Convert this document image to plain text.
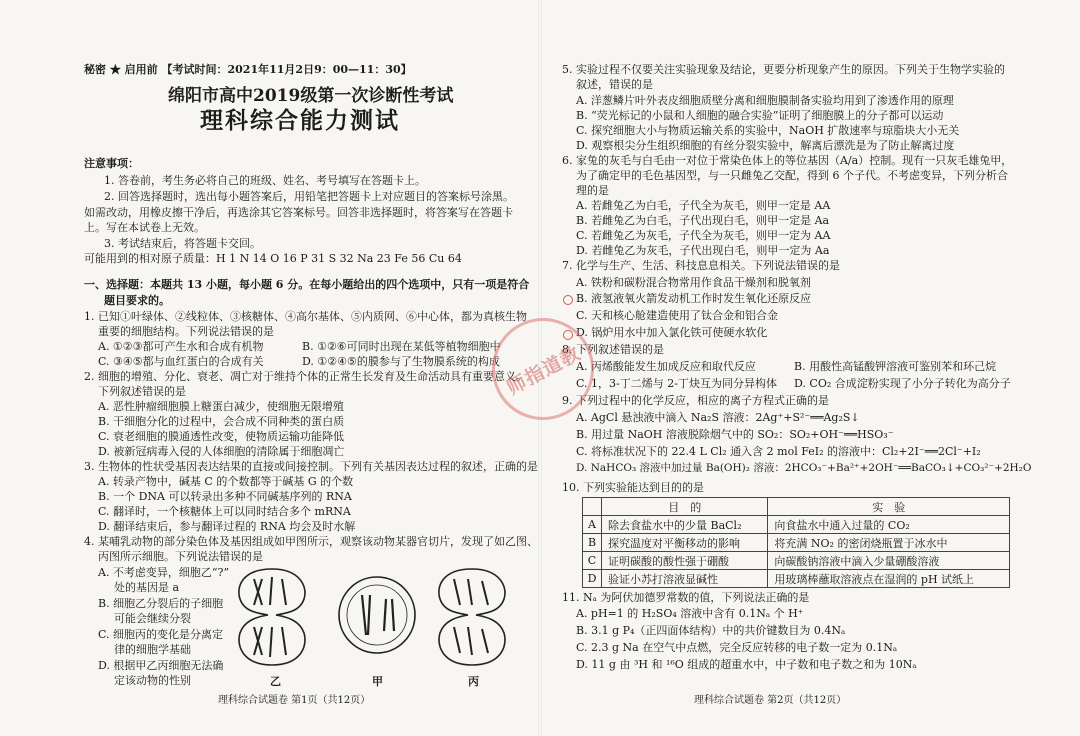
秘密 ★ 启用前 【考试时间：2021年11月2日9：00—11：30】
绵阳市高中2019级第一次诊断性考试
理科综合能力测试
注意事项：
1. 答卷前，考生务必将自己的班级、姓名、考号填写在答题卡上。
2. 回答选择题时，选出每小题答案后，用铅笔把答题卡上对应题目的答案标号涂黑。
如需改动，用橡皮擦干净后，再选涂其它答案标号。回答非选择题时，将答案写在答题卡
上。写在本试卷上无效。
3. 考试结束后，将答题卡交回。
可能用到的相对原子质量：H 1 N 14 O 16 P 31 S 32 Na 23 Fe 56 Cu 64
一、选择题：本题共 13 小题，每小题 6 分。在每小题给出的四个选项中，只有一项是符合
题目要求的。
1. 已知①叶绿体、②线粒体、③核糖体、④高尔基体、⑤内质网、⑥中心体，都为真核生物
重要的细胞结构。下列说法错误的是
A. ①②③都可产生水和合成有机物	B. ①②⑥可同时出现在某低等植物细胞中
C. ③④⑤都与血红蛋白的合成有关	D. ①②④⑤的膜参与了生物膜系统的构成
2. 细胞的增殖、分化、衰老、凋亡对于维持个体的正常生长发育及生命活动具有重要意义。
下列叙述错误的是
A. 恶性肿瘤细胞膜上糖蛋白减少，使细胞无限增殖
B. 干细胞分化的过程中，会合成不同种类的蛋白质
C. 衰老细胞的膜通透性改变，使物质运输功能降低
D. 被新冠病毒入侵的人体细胞的清除属于细胞凋亡
3. 生物体的性状受基因表达结果的直接或间接控制。下列有关基因表达过程的叙述，正确的是
A. 转录产物中，碱基 C 的个数都等于碱基 G 的个数
B. 一个 DNA 可以转录出多种不同碱基序列的 RNA
C. 翻译时，一个核糖体上可以同时结合多个 mRNA
D. 翻译结束后，参与翻译过程的 RNA 均会及时水解
4. 某哺乳动物的部分染色体及基因组成如甲图所示，观察该动物某器官切片，发现了如乙图、
丙图所示细胞。下列说法错误的是
A. 不考虑变异，细胞乙“?”
处的基因是 a
B. 细胞乙分裂后的子细胞
可能会继续分裂
C. 细胞丙的变化是分离定
律的细胞学基础
D. 根据甲乙丙细胞无法确
定该动物的性别	乙	甲	丙
理科综合试题卷 第1页（共12页）
5. 实验过程不仅要关注实验现象及结论，更要分析现象产生的原因。下列关于生物学实验的
叙述，错误的是
A. 洋葱鳞片叶外表皮细胞质壁分离和细胞膜制备实验均用到了渗透作用的原理
B. “荧光标记的小鼠和人细胞的融合实验”证明了细胞膜上的分子都可以运动
C. 探究细胞大小与物质运输关系的实验中，NaOH 扩散速率与琼脂块大小无关
D. 观察根尖分生组织细胞的有丝分裂实验中，解离后漂洗是为了防止解离过度
6. 家兔的灰毛与白毛由一对位于常染色体上的等位基因（A/a）控制。现有一只灰毛雄兔甲，
为了确定甲的毛色基因型，与一只雌兔乙交配，得到 6 个子代。不考虑变异，下列分析合
理的是
A. 若雌兔乙为白毛，子代全为灰毛，则甲一定是 AA
B. 若雌兔乙为白毛，子代出现白毛，则甲一定是 Aa
C. 若雌兔乙为灰毛，子代全为灰毛，则甲一定为 AA
D. 若雌兔乙为灰毛，子代出现白毛，则甲一定为 Aa
7. 化学与生产、生活、科技息息相关。下列说法错误的是
A. 铁粉和碳粉混合物常用作食品干燥剂和脱氧剂
B. 液氢液氧火箭发动机工作时发生氧化还原反应
C. 天和核心舱建造使用了钛合金和铝合金
D. 锅炉用水中加入氯化铁可使硬水软化
8. 下列叙述错误的是
A. 丙烯酸能发生加成反应和取代反应	B. 用酸性高锰酸钾溶液可鉴别苯和环己烷
C. 1，3-丁二烯与 2-丁炔互为同分异构体 D. CO₂ 合成淀粉实现了小分子转化为高分子
9. 下列过程中的化学反应，相应的离子方程式正确的是
A. AgCl 悬浊液中滴入 Na₂S 溶液：2Ag⁺+S²⁻══Ag₂S↓
B. 用过量 NaOH 溶液脱除烟气中的 SO₂：SO₂+OH⁻══HSO₃⁻
C. 将标准状况下的 22.4 L Cl₂ 通入含 2 mol FeI₂ 的溶液中：Cl₂+2I⁻══2Cl⁻+I₂
D. NaHCO₃ 溶液中加过量 Ba(OH)₂ 溶液：2HCO₃⁻+Ba²⁺+2OH⁻══BaCO₃↓+CO₃²⁻+2H₂O
10. 下列实验能达到目的的是
	目　的	实　验
A	除去食盐水中的少量 BaCl₂	向食盐水中通入过量的 CO₂
B	探究温度对平衡移动的影响	将充满 NO₂ 的密闭烧瓶置于冰水中
C	证明碳酸的酸性强于硼酸	向碳酸钠溶液中滴入少量硼酸溶液
D	验证小苏打溶液显碱性	用玻璃棒蘸取溶液点在湿润的 pH 试纸上
11. Nₐ 为阿伏加德罗常数的值，下列说法正确的是
A. pH=1 的 H₂SO₄ 溶液中含有 0.1Nₐ 个 H⁺
B. 3.1 g P₄（正四面体结构）中的共价键数目为 0.4Nₐ
C. 2.3 g Na 在空气中点燃，完全反应转移的电子数一定为 0.1Nₐ
D. 11 g 由 ³H 和 ¹⁶O 组成的超重水中，中子数和电子数之和为 10Nₐ
理科综合试题卷 第2页（共12页）
师指道教
